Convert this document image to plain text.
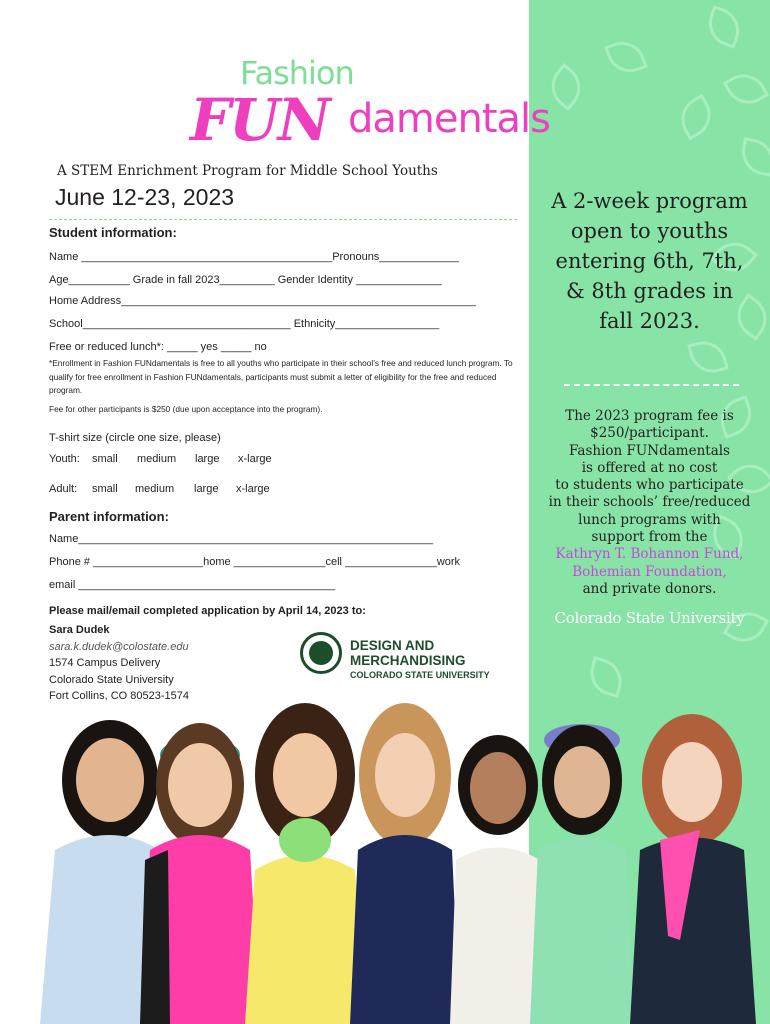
A 2-week program
open to youths
entering 6th, 7th,
& 8th grades in
fall 2023.
The 2023 program fee is
$250/participant.
Fashion FUNdamentals
is offered at no cost
to students who participate
in their schools’ free/reduced
lunch programs with
support from the
Kathryn T. Bohannon Fund,
Bohemian Foundation,
and private donors.
Colorado State University
Fashion
FUN damentals
A STEM Enrichment Program for Middle School Youths
June 12-23, 2023
Student information:
Name _________________________________________Pronouns_____________
Age__________ Grade in fall 2023_________ Gender Identity ______________
Home Address__________________________________________________________
School__________________________________ Ethnicity_________________
Free or reduced lunch*: _____ yes _____ no
*Enrollment in Fashion FUNdamentals is free to all youths who participate in their school’s free and reduced lunch program. To qualify for free enrollment in Fashion FUNdamentals, participants must submit a letter of eligibility for the free and reduced program.
Fee for other participants is $250 (due upon acceptance into the program).
T-shirt size (circle one size, please)
Youth: small medium large x-large
Adult: small medium large x-large
Parent information:
Name__________________________________________________________
Phone # __________________home _______________cell _______________work
email __________________________________________
Please mail/email completed application by April 14, 2023 to:
Sara Dudek
sara.k.dudek@colostate.edu
1574 Campus Delivery
Colorado State University
Fort Collins, CO 80523-1574
DESIGN AND
MERCHANDISING
COLORADO STATE UNIVERSITY
